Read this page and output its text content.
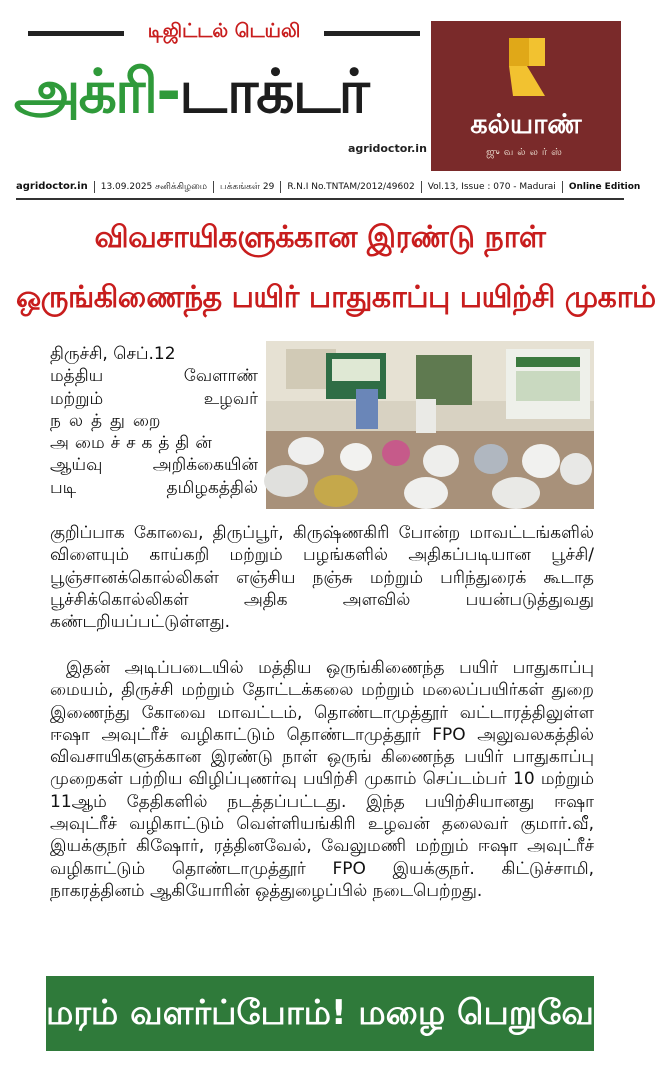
டிஜிட்டல் டெய்லி
அக்ரி-டாக்டர்
agridoctor.in
கல்யாண்
ஜுவல்லர்ஸ்
agridoctor.in	13.09.2025 சனிக்கிழமை	பக்கங்கள் 29	R.N.I No.TNTAM/2012/49602	Vol.13, Issue : 070 - Madurai	Online Edition
விவசாயிகளுக்கான இரண்டு நாள்
ஒருங்கிணைந்த பயிர் பாதுகாப்பு பயிற்சி முகாம்

திருச்சி, செப்.12

மத்திய வேளாண்

மற்றும் உழவர்

நலத்துறை

அமைச்சகத்தின்

ஆய்வு அறிக்கையின்

படி தமிழகத்தில்

குறிப்பாக கோவை, திருப்பூர், கிருஷ்ணகிரி போன்ற மாவட்டங்களில் விளையும் காய்கறி மற்றும் பழங்களில் அதிகப்படியான பூச்சி/பூஞ்சானக்கொல்லிகள் எஞ்சிய நஞ்சு மற்றும் பரிந்துரைக் கூடாத பூச்சிக்கொல்லிகள் அதிக அளவில் பயன்படுத்துவது கண்டறியப்பட்டுள்ளது.
இதன் அடிப்படையில் மத்திய ஒருங்கிணைந்த பயிர் பாதுகாப்பு மையம், திருச்சி மற்றும் தோட்டக்கலை மற்றும் மலைப்பயிர்கள் துறை இணைந்து கோவை மாவட்டம், தொண்டாமுத்தூர் வட்டாரத்திலுள்ள ஈஷா அவுட்ரீச் வழிகாட்டும் தொண்டாமுத்தூர் FPO அலுவலகத்தில் விவசாயிகளுக்கான இரண்டு நாள் ஒருங் கிணைந்த பயிர் பாதுகாப்பு முறைகள் பற்றிய விழிப்புணர்வு பயிற்சி முகாம் செப்டம்பர் 10 மற்றும் 11ஆம் தேதிகளில் நடத்தப்பட்டது. இந்த பயிற்சியானது ஈஷா அவுட்ரீச் வழிகாட்டும் வெள்ளியங்கிரி உழவன் தலைவர் குமார்.வீ, இயக்குநர் கிஷோர், ரத்தினவேல், வேலுமணி மற்றும் ஈஷா அவுட்ரீச் வழிகாட்டும் தொண்டாமுத்தூர் FPO இயக்குநர். கிட்டுச்சாமி, நாகரத்தினம் ஆகியோரின் ஒத்துழைப்பில் நடைபெற்றது.
மரம் வளர்ப்போம்! மழை பெறுவோம்!
